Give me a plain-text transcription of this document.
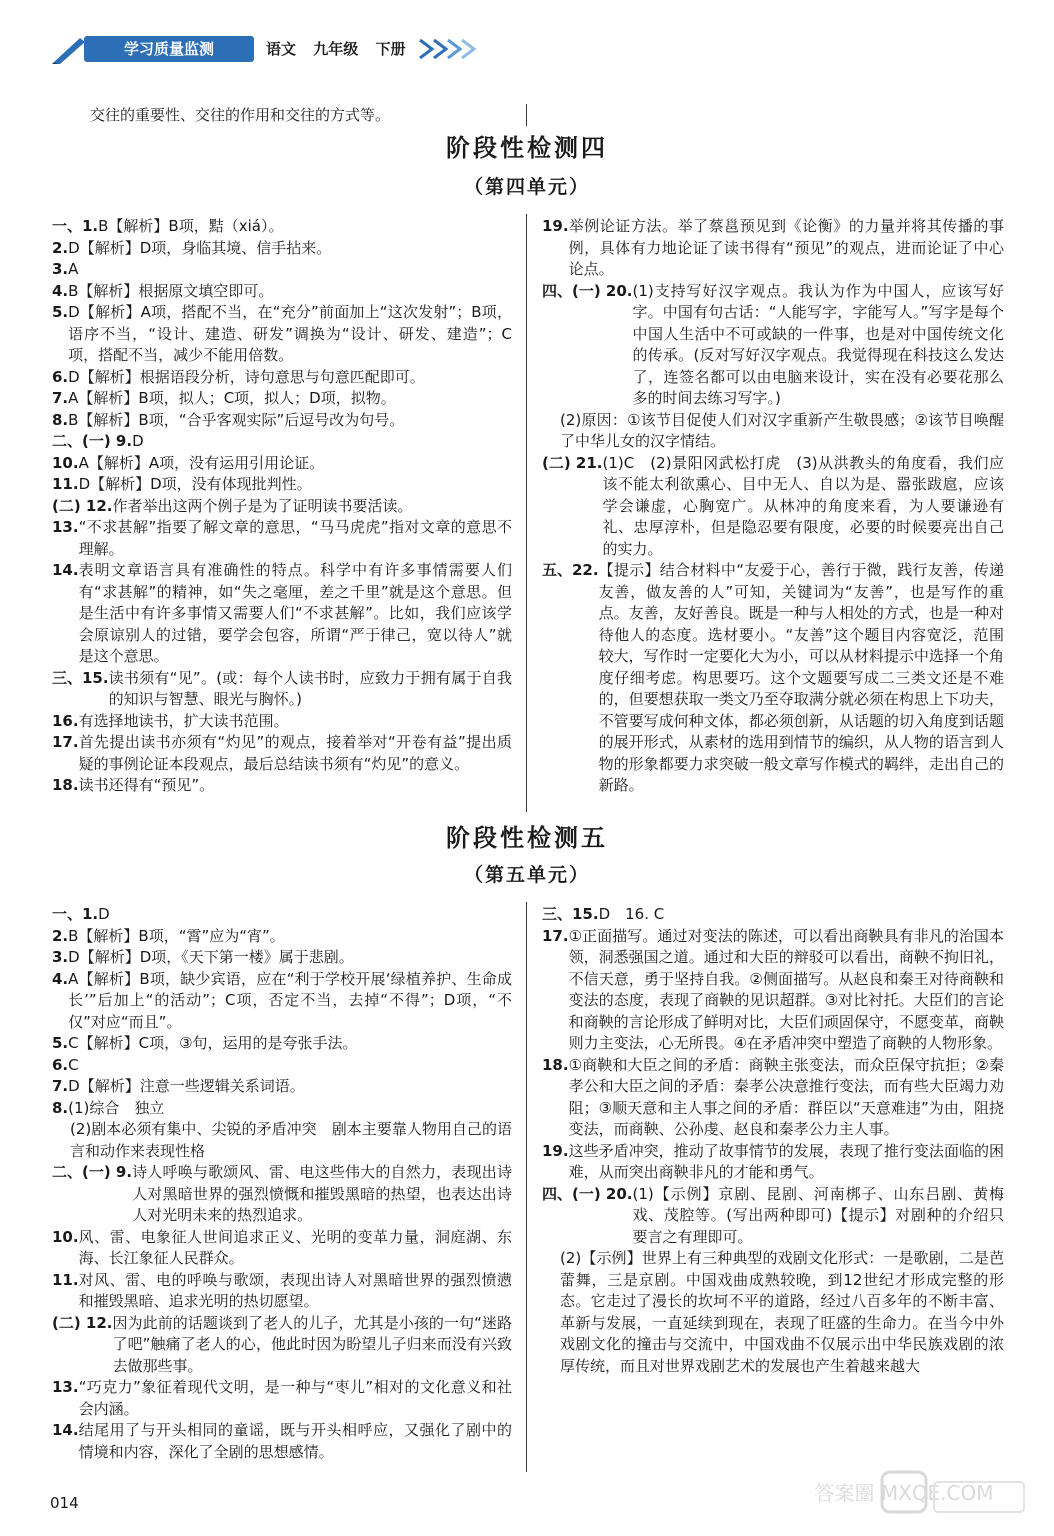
学习质量监测	语文 九年级 下册
交往的重要性、交往的作用和交往的方式等。
阶段性检测四
（第四单元）
一、1. B【解析】B项，黠（xiá）。
2. D【解析】D项，身临其境、信手拈来。
3. A
4. B【解析】根据原文填空即可。
5. D【解析】A项，搭配不当，在“充分”前面加上“这次发射”；B项，语序不当，“设计、建造、研发”调换为“设计、研发、建造”；C项，搭配不当，减少不能用倍数。
6. D【解析】根据语段分析，诗句意思与句意匹配即可。
7. A【解析】B项，拟人；C项，拟人；D项，拟物。
8. B【解析】B项，“合乎客观实际”后逗号改为句号。
二、(一) 9. D
10. A【解析】A项，没有运用引用论证。
11. D【解析】D项，没有体现批判性。
(二) 12. 作者举出这两个例子是为了证明读书要活读。
13. “不求甚解”指要了解文章的意思，“马马虎虎”指对文章的意思不理解。
14. 表明文章语言具有准确性的特点。科学中有许多事情需要人们有“求甚解”的精神，如“失之毫厘，差之千里”就是这个意思。但是生活中有许多事情又需要人们“不求甚解”。比如，我们应该学会原谅别人的过错，要学会包容，所谓“严于律己，宽以待人”就是这个意思。
三、15. 读书须有“见”。(或：每个人读书时，应致力于拥有属于自我的知识与智慧、眼光与胸怀。)
16. 有选择地读书，扩大读书范围。
17. 首先提出读书亦须有“灼见”的观点，接着举对“开卷有益”提出质疑的事例论证本段观点，最后总结读书须有“灼见”的意义。
18. 读书还得有“预见”。
19. 举例论证方法。举了蔡邕预见到《论衡》的力量并将其传播的事例，具体有力地论证了读书得有“预见”的观点，进而论证了中心论点。
四、(一) 20. (1)支持写好汉字观点。我认为作为中国人，应该写好字。中国有句古话：“人能写字，字能写人。”写字是每个中国人生活中不可或缺的一件事，也是对中国传统文化的传承。(反对写好汉字观点。我觉得现在科技这么发达了，连签名都可以由电脑来设计，实在没有必要花那么多的时间去练习写字。)
(2)原因：①该节目促使人们对汉字重新产生敬畏感；②该节目唤醒了中华儿女的汉字情结。
(二) 21. (1)C　(2)景阳冈武松打虎　(3)从洪教头的角度看，我们应该不能太利欲熏心、目中无人、自以为是、嚣张跋扈，应该学会谦虚，心胸宽广。从林冲的角度来看，为人要谦逊有礼、忠厚淳朴，但是隐忍要有限度，必要的时候要亮出自己的实力。
五、22. 【提示】结合材料中“友爱于心，善行于微，践行友善，传递友善，做友善的人”可知，关键词为“友善”，也是写作的重点。友善，友好善良。既是一种与人相处的方式，也是一种对待他人的态度。选材要小。“友善”这个题目内容宽泛，范围较大，写作时一定要化大为小，可以从材料提示中选择一个角度仔细考虑。构思要巧。这个文题要写成二三类文还是不难的，但要想获取一类文乃至夺取满分就必须在构思上下功夫，不管要写成何种文体，都必须创新，从话题的切入角度到话题的展开形式，从素材的选用到情节的编织，从人物的语言到人物的形象都要力求突破一般文章写作模式的羁绊，走出自己的新路。
阶段性检测五
（第五单元）
一、1. D
2. B【解析】B项，“霄”应为“宵”。
3. D【解析】D项，《天下第一楼》属于悲剧。
4. A【解析】B项，缺少宾语，应在“利于学校开展‘绿植养护、生命成长’”后加上“的活动”；C项，否定不当，去掉“不得”；D项，“不仅”对应“而且”。
5. C【解析】C项，③句，运用的是夸张手法。
6. C
7. D【解析】注意一些逻辑关系词语。
8. (1)综合　独立
(2)剧本必须有集中、尖锐的矛盾冲突　剧本主要靠人物用自己的语言和动作来表现性格
二、(一) 9. 诗人呼唤与歌颂风、雷、电这些伟大的自然力，表现出诗人对黑暗世界的强烈愤慨和摧毁黑暗的热望，也表达出诗人对光明未来的热烈追求。
10. 风、雷、电象征人世间追求正义、光明的变革力量，洞庭湖、东海、长江象征人民群众。
11. 对风、雷、电的呼唤与歌颂，表现出诗人对黑暗世界的强烈愤懑和摧毁黑暗、追求光明的热切愿望。
(二) 12. 因为此前的话题谈到了老人的儿子，尤其是小孩的一句“迷路了吧”触痛了老人的心，他此时因为盼望儿子归来而没有兴致去做那些事。
13. “巧克力”象征着现代文明，是一种与“枣儿”相对的文化意义和社会内涵。
14. 结尾用了与开头相同的童谣，既与开头相呼应，又强化了剧中的情境和内容，深化了全剧的思想感情。
三、15. D　16. C
17. ①正面描写。通过对变法的陈述，可以看出商鞅具有非凡的治国本领，洞悉强国之道。通过和大臣的辩驳可以看出，商鞅不拘旧礼，不信天意，勇于坚持自我。②侧面描写。从赵良和秦王对待商鞅和变法的态度，表现了商鞅的见识超群。③对比衬托。大臣们的言论和商鞅的言论形成了鲜明对比，大臣们顽固保守，不愿变革，商鞅则力主变法，心无所畏。④在矛盾冲突中塑造了商鞅的人物形象。
18. ①商鞅和大臣之间的矛盾：商鞅主张变法，而众臣保守抗拒；②秦孝公和大臣之间的矛盾：秦孝公决意推行变法，而有些大臣竭力劝阻；③顺天意和主人事之间的矛盾：群臣以“天意难违”为由，阻挠变法，而商鞅、公孙虔、赵良和秦孝公力主人事。
19. 这些矛盾冲突，推动了故事情节的发展，表现了推行变法面临的困难，从而突出商鞅非凡的才能和勇气。
四、(一) 20. (1)【示例】京剧、昆剧、河南梆子、山东吕剧、黄梅戏、茂腔等。(写出两种即可)【提示】对剧种的介绍只要言之有理即可。
(2)【示例】世界上有三种典型的戏剧文化形式：一是歌剧，二是芭蕾舞，三是京剧。中国戏曲成熟较晚，到12世纪才形成完整的形态。它走过了漫长的坎坷不平的道路，经过八百多年的不断丰富、革新与发展，一直延续到现在，表现了旺盛的生命力。在当今中外戏剧文化的撞击与交流中，中国戏曲不仅展示出中华民族戏剧的浓厚传统，而且对世界戏剧艺术的发展也产生着越来越大
014	答案圈 MXQE.COM
